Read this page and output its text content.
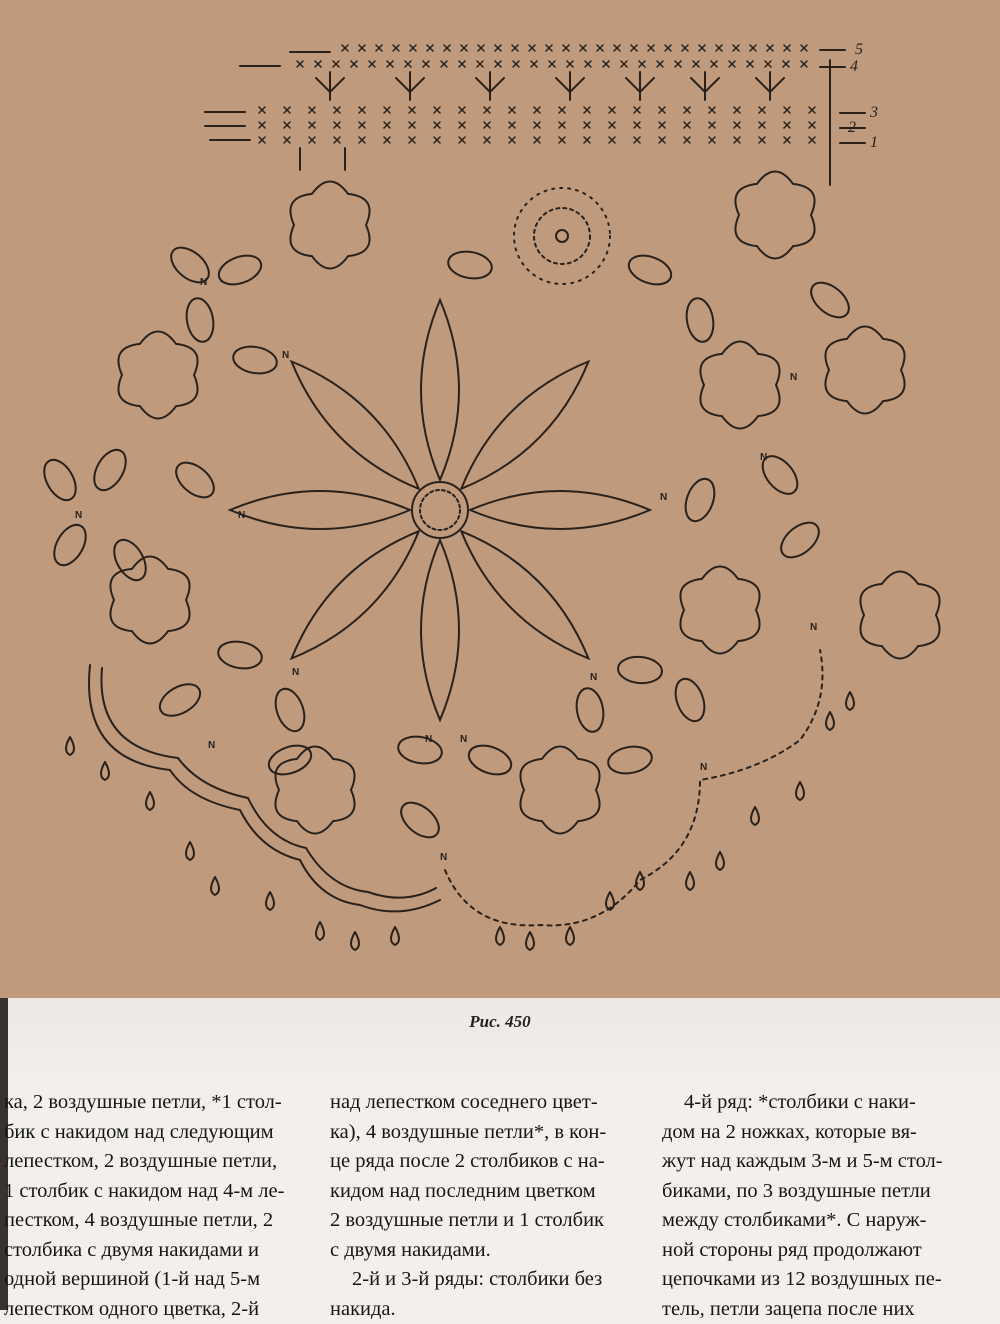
5
4
3
2
1
N
N
N
N
N
N
N	N
N
N
N
N
N
N
N
Рис. 450

ка, 2 воздушные петли, *1 стол-

бик с накидом над следующим

лепестком, 2 воздушные петли,

1 столбик с накидом над 4-м ле-

пестком, 4 воздушные петли, 2

столбика с двумя накидами и

одной вершиной (1-й над 5-м

лепестком одного цветка, 2-й

над лепестком соседнего цвет-

ка), 4 воздушные петли*, в кон-

це ряда после 2 столбиков с на-

кидом над последним цветком

2 воздушные петли и 1 столбик

с двумя накидами.

2-й и 3-й ряды: столбики без

накида.

4-й ряд: *столбики с наки-

дом на 2 ножках, которые вя-

жут над каждым 3-м и 5-м стол-

биками, по 3 воздушные петли

между столбиками*. С наруж-

ной стороны ряд продолжают

цепочками из 12 воздушных пе-

тель, петли зацепа после них
